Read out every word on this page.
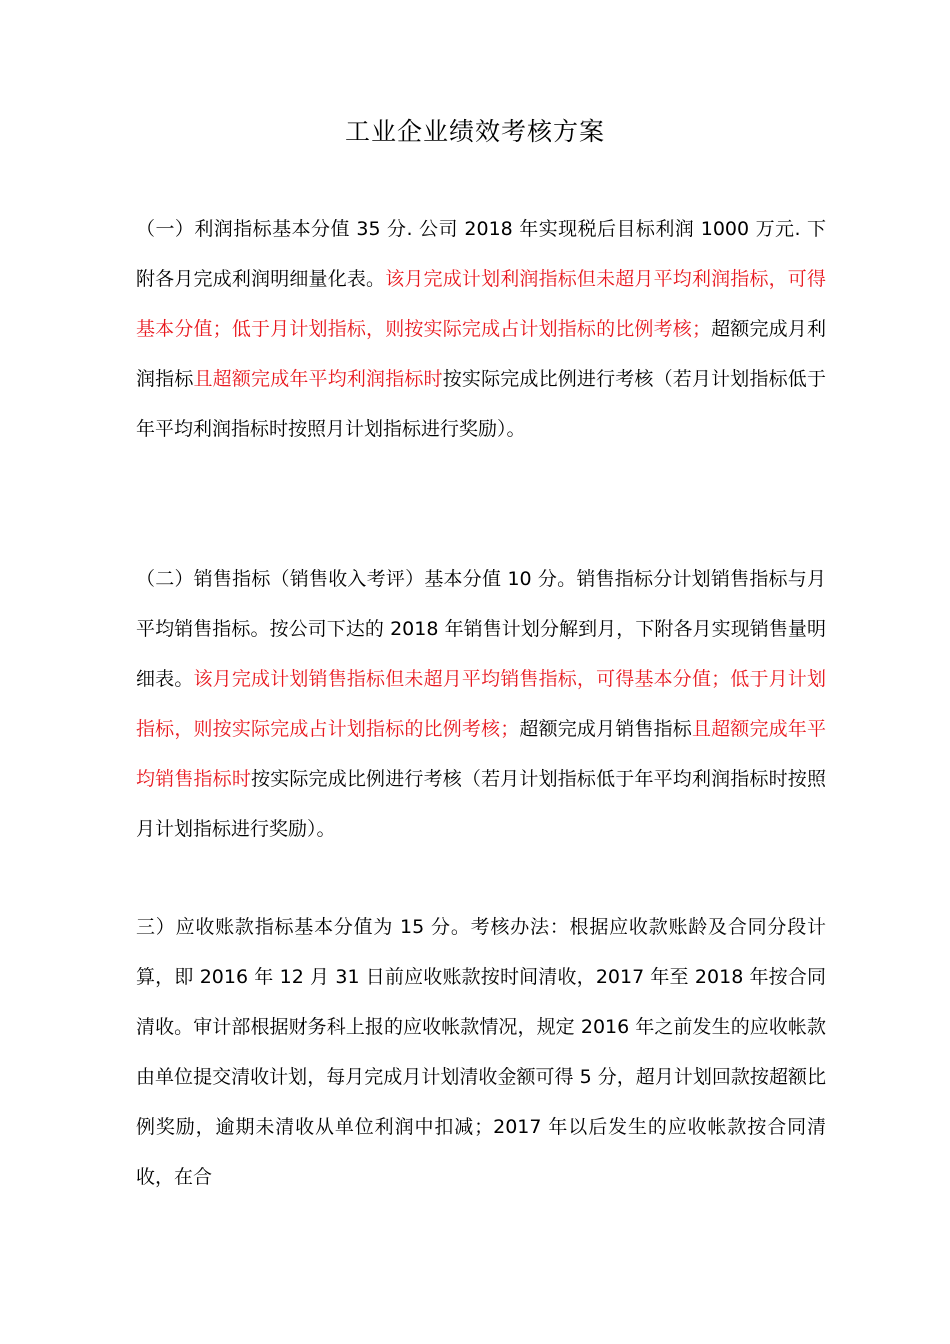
工业企业绩效考核方案

（一）利润指标基本分值 35 分. 公司 2018 年实现税后目标利润 1000 万元. 下附各月完成利润明细量化表。该月完成计划利润指标但未超月平均利润指标，可得基本分值；低于月计划指标，则按实际完成占计划指标的比例考核；超额完成月利润指标且超额完成年平均利润指标时按实际完成比例进行考核（若月计划指标低于年平均利润指标时按照月计划指标进行奖励）。

（二）销售指标（销售收入考评）基本分值 10 分。销售指标分计划销售指标与月平均销售指标。按公司下达的 2018 年销售计划分解到月，下附各月实现销售量明细表。该月完成计划销售指标但未超月平均销售指标，可得基本分值；低于月计划指标，则按实际完成占计划指标的比例考核；超额完成月销售指标且超额完成年平均销售指标时按实际完成比例进行考核（若月计划指标低于年平均利润指标时按照月计划指标进行奖励）。

三）应收账款指标基本分值为 15 分。考核办法：根据应收款账龄及合同分段计算，即 2016 年 12 月 31 日前应收账款按时间清收，2017 年至 2018 年按合同清收。审计部根据财务科上报的应收帐款情况，规定 2016 年之前发生的应收帐款由单位提交清收计划，每月完成月计划清收金额可得 5 分，超月计划回款按超额比例奖励，逾期未清收从单位利润中扣减；2017 年以后发生的应收帐款按合同清收，在合
